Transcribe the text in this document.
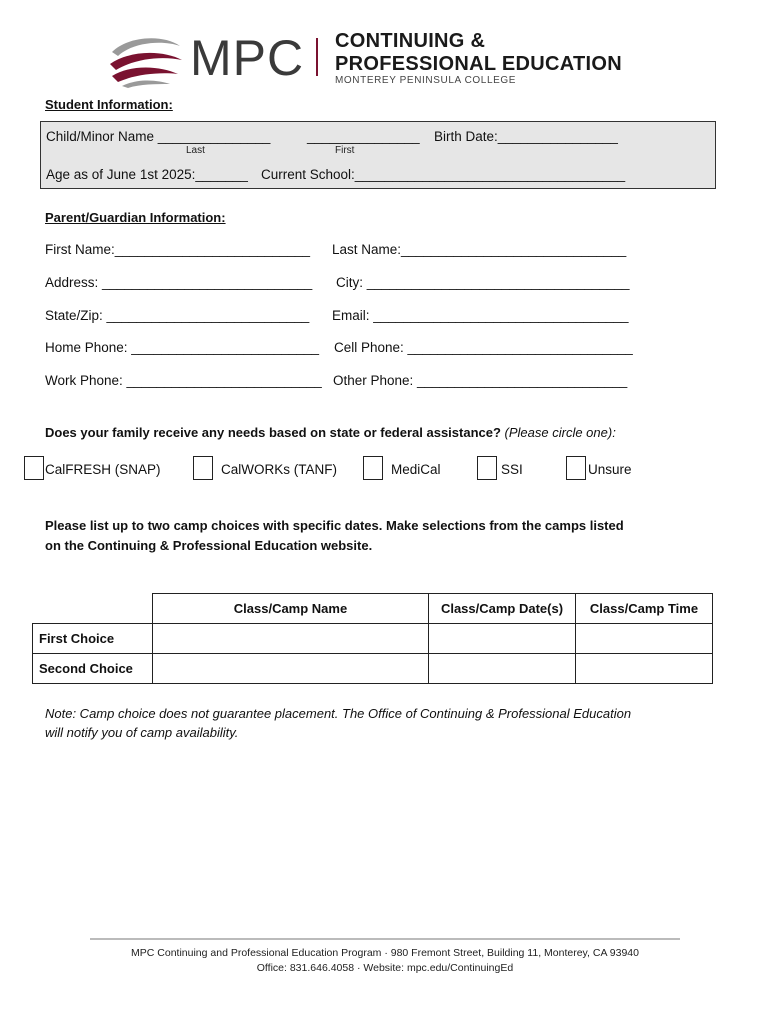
MPC CONTINUING &
PROFESSIONAL EDUCATION
MONTEREY PENINSULA COLLEGE
Student Information:
Child/Minor Name _______________	_______________ Birth Date:________________
Last	First
Age as of June 1st 2025:_______ Current School:____________________________________
Parent/Guardian Information:
First Name:__________________________ Last Name:______________________________
Address: ____________________________ City: ___________________________________
State/Zip: ___________________________ Email: __________________________________
Home Phone: _________________________ Cell Phone: ______________________________
Work Phone: __________________________ Other Phone: ____________________________
Does your family receive any needs based on state or federal assistance? (Please circle one):
CalFRESH (SNAP)	CalWORKs (TANF)	MediCal	SSI	Unsure
Please list up to two camp choices with specific dates. Make selections from the camps listed
on the Continuing & Professional Education website.
	Class/Camp Name	Class/Camp Date(s)	Class/Camp Time
First Choice			
Second Choice			
Note: Camp choice does not guarantee placement. The Office of Continuing & Professional Education
will notify you of camp availability.
MPC Continuing and Professional Education Program · 980 Fremont Street, Building 11, Monterey, CA 93940
Office: 831.646.4058 · Website: mpc.edu/ContinuingEd
